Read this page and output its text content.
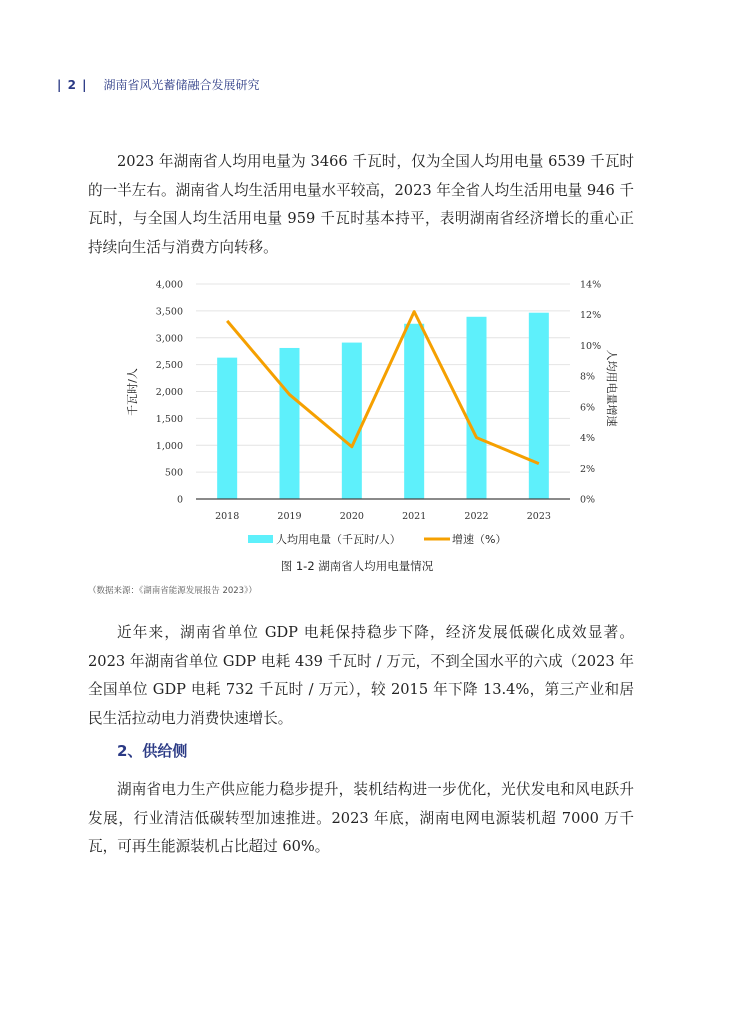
| 2 | 湖南省风光蓄储融合发展研究
2023 年湖南省人均用电量为 3466 千瓦时，仅为全国人均用电量 6539 千瓦时的一半左右。湖南省人均生活用电量水平较高，2023 年全省人均生活用电量 946 千瓦时，与全国人均生活用电量 959 千瓦时基本持平，表明湖南省经济增长的重心正持续向生活与消费方向转移。
0
500
1,000
1,500
2,000
2,500
3,000
3,500
4,000
0%
2%
4%
6%
8%
10%
12%
14%
2018	2019	2020	2021	2022	2023
千瓦时/人	人均用电量增速
人均用电量（千瓦时/人）	增速（%）
图 1-2 湖南省人均用电量情况
（数据来源：《湖南省能源发展报告 2023》）
近年来，湖南省单位 GDP 电耗保持稳步下降，经济发展低碳化成效显著。2023 年湖南省单位 GDP 电耗 439 千瓦时 / 万元，不到全国水平的六成（2023 年全国单位 GDP 电耗 732 千瓦时 / 万元），较 2015 年下降 13.4%，第三产业和居民生活拉动电力消费快速增长。
2、供给侧
湖南省电力生产供应能力稳步提升，装机结构进一步优化，光伏发电和风电跃升发展，行业清洁低碳转型加速推进。2023 年底，湖南电网电源装机超 7000 万千瓦，可再生能源装机占比超过 60%。
